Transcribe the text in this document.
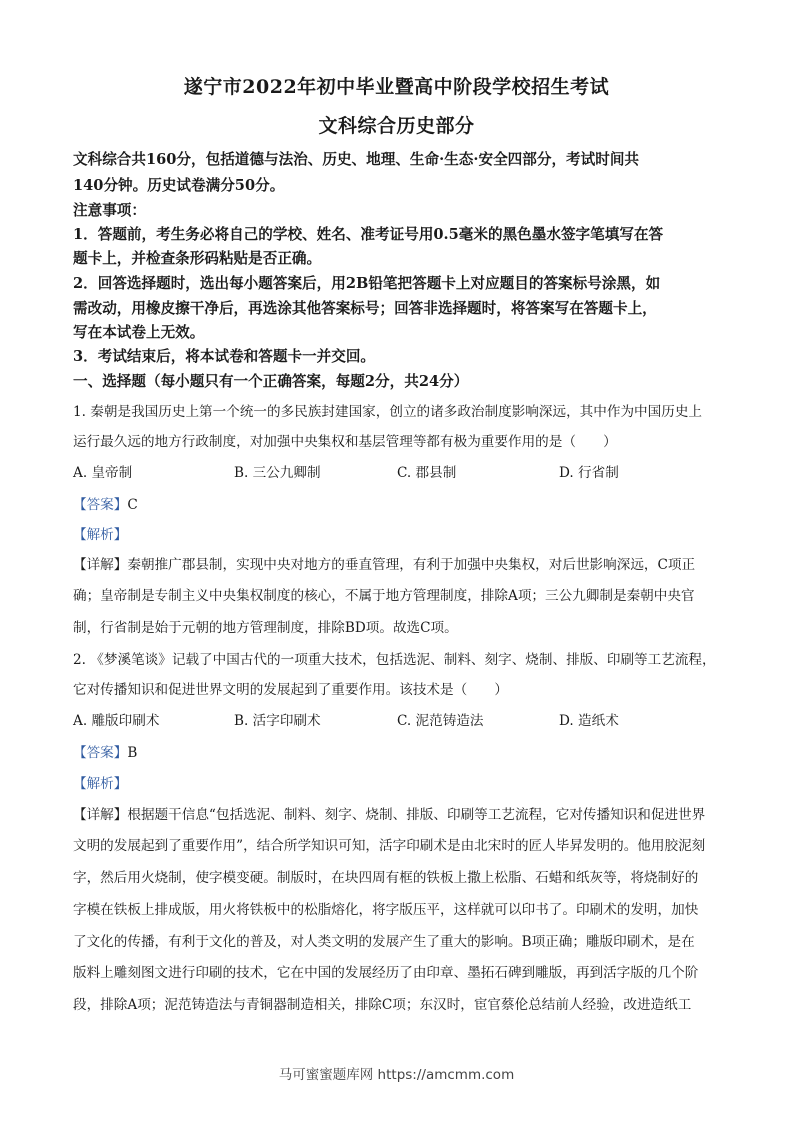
遂宁市2022年初中毕业暨高中阶段学校招生考试
文科综合历史部分
文科综合共160分，包括道德与法治、历史、地理、生命·生态·安全四部分，考试时间共
140分钟。历史试卷满分50分。
注意事项：
1．答题前，考生务必将自己的学校、姓名、准考证号用0.5毫米的黑色墨水签字笔填写在答
题卡上，并检查条形码粘贴是否正确。
2．回答选择题时，选出每小题答案后，用2B铅笔把答题卡上对应题目的答案标号涂黑，如
需改动，用橡皮擦干净后，再选涂其他答案标号；回答非选择题时，将答案写在答题卡上，
写在本试卷上无效。
3．考试结束后，将本试卷和答题卡一并交回。
一、选择题（每小题只有一个正确答案，每题2分，共24分）
1. 秦朝是我国历史上第一个统一的多民族封建国家，创立的诸多政治制度影响深远，其中作为中国历史上
运行最久远的地方行政制度，对加强中央集权和基层管理等都有极为重要作用的是（　　）
A. 皇帝制	B. 三公九卿制	C. 郡县制	D. 行省制
【答案】C
【解析】
【详解】秦朝推广郡县制，实现中央对地方的垂直管理，有利于加强中央集权，对后世影响深远，C项正
确；皇帝制是专制主义中央集权制度的核心，不属于地方管理制度，排除A项；三公九卿制是秦朝中央官
制，行省制是始于元朝的地方管理制度，排除BD项。故选C项。
2. 《梦溪笔谈》记载了中国古代的一项重大技术，包括选泥、制料、刻字、烧制、排版、印刷等工艺流程，
它对传播知识和促进世界文明的发展起到了重要作用。该技术是（　　）
A. 雕版印刷术	B. 活字印刷术	C. 泥范铸造法	D. 造纸术
【答案】B
【解析】
【详解】根据题干信息“包括选泥、制料、刻字、烧制、排版、印刷等工艺流程，它对传播知识和促进世界
文明的发展起到了重要作用”，结合所学知识可知，活字印刷术是由北宋时的匠人毕昇发明的。他用胶泥刻
字，然后用火烧制，使字模变硬。制版时，在块四周有框的铁板上撒上松脂、石蜡和纸灰等，将烧制好的
字模在铁板上排成版，用火将铁板中的松脂熔化，将字版压平，这样就可以印书了。印刷术的发明，加快
了文化的传播，有利于文化的普及，对人类文明的发展产生了重大的影响。B项正确；雕版印刷术，是在
版料上雕刻图文进行印刷的技术，它在中国的发展经历了由印章、墨拓石碑到雕版，再到活字版的几个阶
段，排除A项；泥范铸造法与青铜器制造相关，排除C项；东汉时，宦官蔡伦总结前人经验，改进造纸工
马可蜜蜜题库网 https://amcmm.com
